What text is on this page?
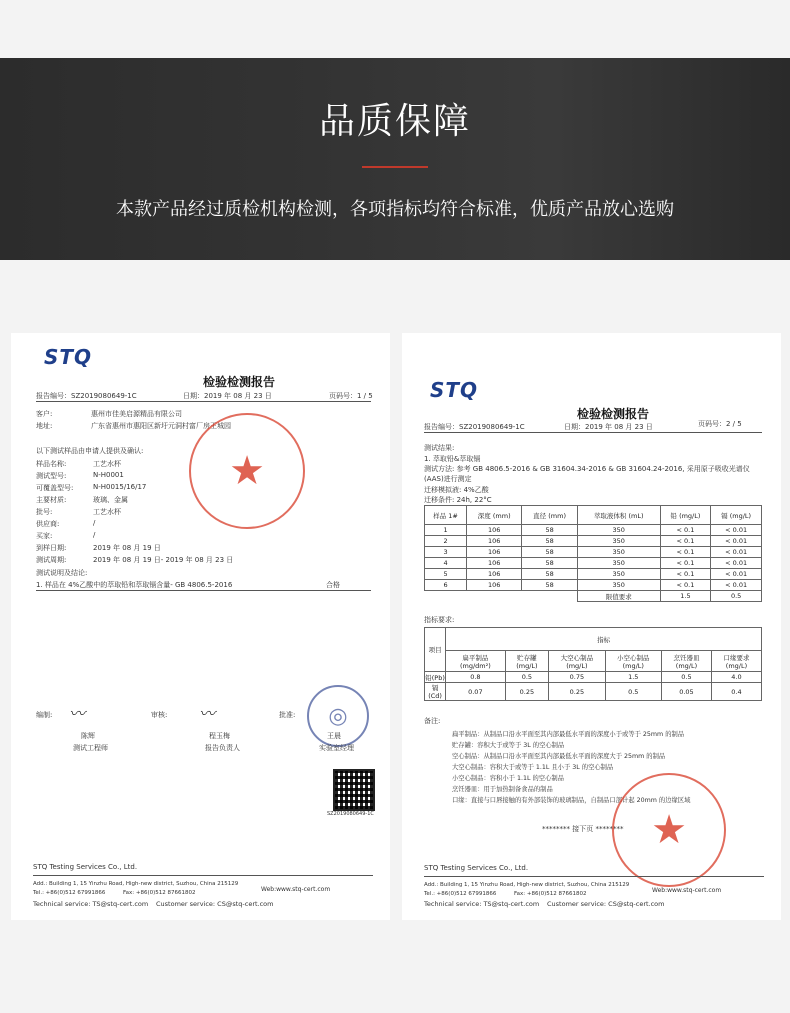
品质保障
本款产品经过质检机构检测，各项指标均符合标准，优质产品放心选购
STQ
检验检测报告
报告编号：SZ2019080649-1C	日期：2019 年 08 月 23 日	页码号：1 / 5
客户:	惠州市佳美启源精品有限公司
地址:	广东省惠州市惠阳区新圩元洞村富厂房王城园
以下测试样品由申请人提供及确认:
样品名称:	工艺水杯
测试型号:	N-H0001
可覆盖型号:	N-H0015/16/17
主要材质:	玻璃、金属
批号:	工艺水杯
供应商:	/
买家:	/
到样日期:	2019 年 08 月 19 日
测试周期:	2019 年 08 月 19 日- 2019 年 08 月 23 日
测试说明及结论:
1. 样品在 4%乙酸中的萃取铅和萃取镉含量- GB 4806.5-2016	合格
★
编制:	审核:	批准:
〰	〰	◎
陈辉
测试工程师
程玉梅
报告负责人
王晨
实验室经理
SZ2019080649-1C
STQ Testing Services Co., Ltd.
Add.: Building 1, 15 Yinzhu Road, High-new district, Suzhou, China 215129
Tel.: +86(0)512 67991866	Fax: +86(0)512 87661802	Web:www.stq-cert.com
Technical service: TS@stq-cert.com Customer service: CS@stq-cert.com
STQ
检验检测报告
报告编号：SZ2019080649-1C	日期：2019 年 08 月 23 日	页码号：2 / 5
测试结果:
1. 萃取铅&萃取镉
测试方法: 参考 GB 4806.5-2016 & GB 31604.34-2016 & GB 31604.24-2016, 采用原子吸收光谱仪
(AAS)进行测定
迁移模拟液: 4%乙酸
迁移条件: 24h, 22°C
样品 1#	深度 (mm)	直径 (mm)	萃取液体积 (mL)	铅 (mg/L)	镉 (mg/L)
1	106	58	350	< 0.1	< 0.01
2	106	58	350	< 0.1	< 0.01
3	106	58	350	< 0.1	< 0.01
4	106	58	350	< 0.1	< 0.01
5	106	58	350	< 0.1	< 0.01
6	106	58	350	< 0.1	< 0.01
			限值要求	1.5	0.5
指标要求:
项目	指标					
	扁平制品 (mg/dm²)	贮存罐 (mg/L)	大空心制品 (mg/L)	小空心制品 (mg/L)	烹饪器皿 (mg/L)	口缘要求 (mg/L)
铅(Pb)	0.8	0.5	0.75	1.5	0.5	4.0
镉(Cd)	0.07	0.25	0.25	0.5	0.05	0.4
备注:
扁平制品：从制品口沿水平面至其内部最低水平面的深度小于或等于 25mm 的制品
贮存罐：容积大于或等于 3L 的空心制品
空心制品：从制品口沿水平面至其内部最低水平面的深度大于 25mm 的制品
大空心制品：容积大于或等于 1.1L 且小于 3L 的空心制品
小空心制品：容积小于 1.1L 的空心制品
烹饪器皿：用于加热制备食品的制品
口缘：直接与口唇接触的有外部装饰的玻璃制品，自制品口部计起 20mm 的边缘区域
******** 接下页 ******** ★
STQ Testing Services Co., Ltd.
Add.: Building 1, 15 Yinzhu Road, High-new district, Suzhou, China 215129
Tel.: +86(0)512 67991866	Fax: +86(0)512 87661802	Web:www.stq-cert.com
Technical service: TS@stq-cert.com Customer service: CS@stq-cert.com
